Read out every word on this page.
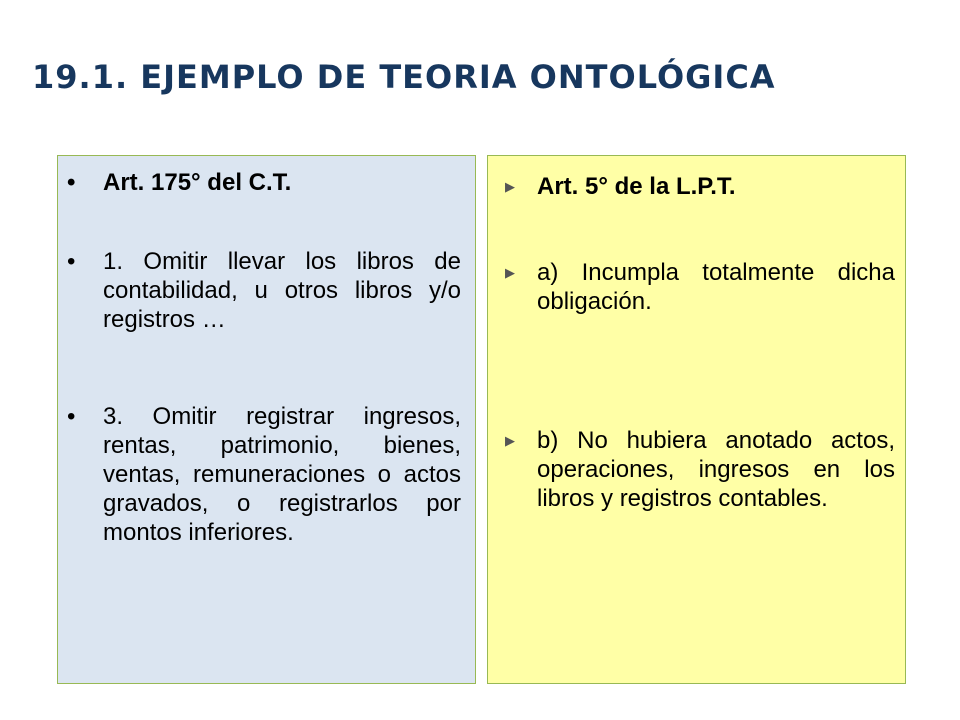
19.1. EJEMPLO DE TEORIA ONTOLÓGICA
• Art. 175° del C.T.
• 1. Omitir llevar los libros de contabilidad, u otros libros y/o registros …
• 3. Omitir registrar ingresos, rentas, patrimonio, bienes, ventas, remuneraciones o actos gravados, o registrarlos por montos inferiores.
▶ Art. 5° de la L.P.T.
▶ a) Incumpla totalmente dicha obligación.
▶ b) No hubiera anotado actos, operaciones, ingresos en los libros y registros contables.
